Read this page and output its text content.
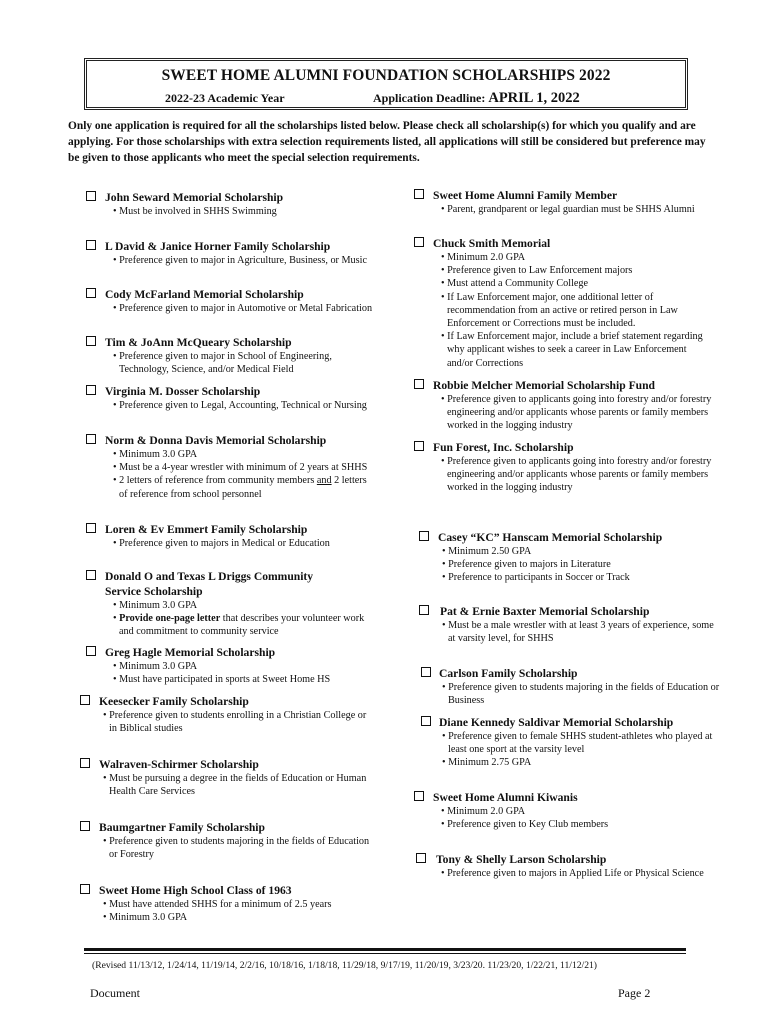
SWEET HOME ALUMNI FOUNDATION SCHOLARSHIPS 2022
2022-23 Academic Year	Application Deadline: APRIL 1, 2022
Only one application is required for all the scholarships listed below. Please check all scholarship(s) for which you qualify and are applying. For those scholarships with extra selection requirements listed, all applications will still be considered but preference may be given to those applicants who meet the special selection requirements.
John Seward Memorial Scholarship
• Must be involved in SHHS Swimming
L David & Janice Horner Family Scholarship
• Preference given to major in Agriculture, Business, or Music
Cody McFarland Memorial Scholarship
• Preference given to major in Automotive or Metal Fabrication
Tim & JoAnn McQueary Scholarship
• Preference given to major in School of Engineering, Technology, Science, and/or Medical Field
Virginia M. Dosser Scholarship
• Preference given to Legal, Accounting, Technical or Nursing
Norm & Donna Davis Memorial Scholarship
• Minimum 3.0 GPA
• Must be a 4-year wrestler with minimum of 2 years at SHHS
• 2 letters of reference from community members and 2 letters of reference from school personnel
Loren & Ev Emmert Family Scholarship
• Preference given to majors in Medical or Education
Donald O and Texas L Driggs Community
Service Scholarship
• Minimum 3.0 GPA
• Provide one-page letter that describes your volunteer work and commitment to community service
Greg Hagle Memorial Scholarship
• Minimum 3.0 GPA
• Must have participated in sports at Sweet Home HS
Keesecker Family Scholarship
• Preference given to students enrolling in a Christian College or in Biblical studies
Walraven-Schirmer Scholarship
• Must be pursuing a degree in the fields of Education or Human Health Care Services
Baumgartner Family Scholarship
• Preference given to students majoring in the fields of Education or Forestry
Sweet Home High School Class of 1963
• Must have attended SHHS for a minimum of 2.5 years
• Minimum 3.0 GPA
Sweet Home Alumni Family Member
• Parent, grandparent or legal guardian must be SHHS Alumni
Chuck Smith Memorial
• Minimum 2.0 GPA
• Preference given to Law Enforcement majors
• Must attend a Community College
• If Law Enforcement major, one additional letter of recommendation from an active or retired person in Law Enforcement or Corrections must be included.
• If Law Enforcement major, include a brief statement regarding why applicant wishes to seek a career in Law Enforcement and/or Corrections
Robbie Melcher Memorial Scholarship Fund
• Preference given to applicants going into forestry and/or forestry engineering and/or applicants whose parents or family members worked in the logging industry
Fun Forest, Inc. Scholarship
• Preference given to applicants going into forestry and/or forestry engineering and/or applicants whose parents or family members worked in the logging industry
Casey “KC” Hanscam Memorial Scholarship
• Minimum 2.50 GPA
• Preference given to majors in Literature
• Preference to participants in Soccer or Track
Pat & Ernie Baxter Memorial Scholarship
• Must be a male wrestler with at least 3 years of experience, some at varsity level, for SHHS
Carlson Family Scholarship
• Preference given to students majoring in the fields of Education or Business
Diane Kennedy Saldivar Memorial Scholarship
• Preference given to female SHHS student-athletes who played at least one sport at the varsity level
• Minimum 2.75 GPA
Sweet Home Alumni Kiwanis
• Minimum 2.0 GPA
• Preference given to Key Club members
Tony & Shelly Larson Scholarship
• Preference given to majors in Applied Life or Physical Science
(Revised 11/13/12, 1/24/14, 11/19/14, 2/2/16, 10/18/16, 1/18/18, 11/29/18, 9/17/19, 11/20/19, 3/23/20. 11/23/20, 1/22/21, 11/12/21)
Document	Page 2
